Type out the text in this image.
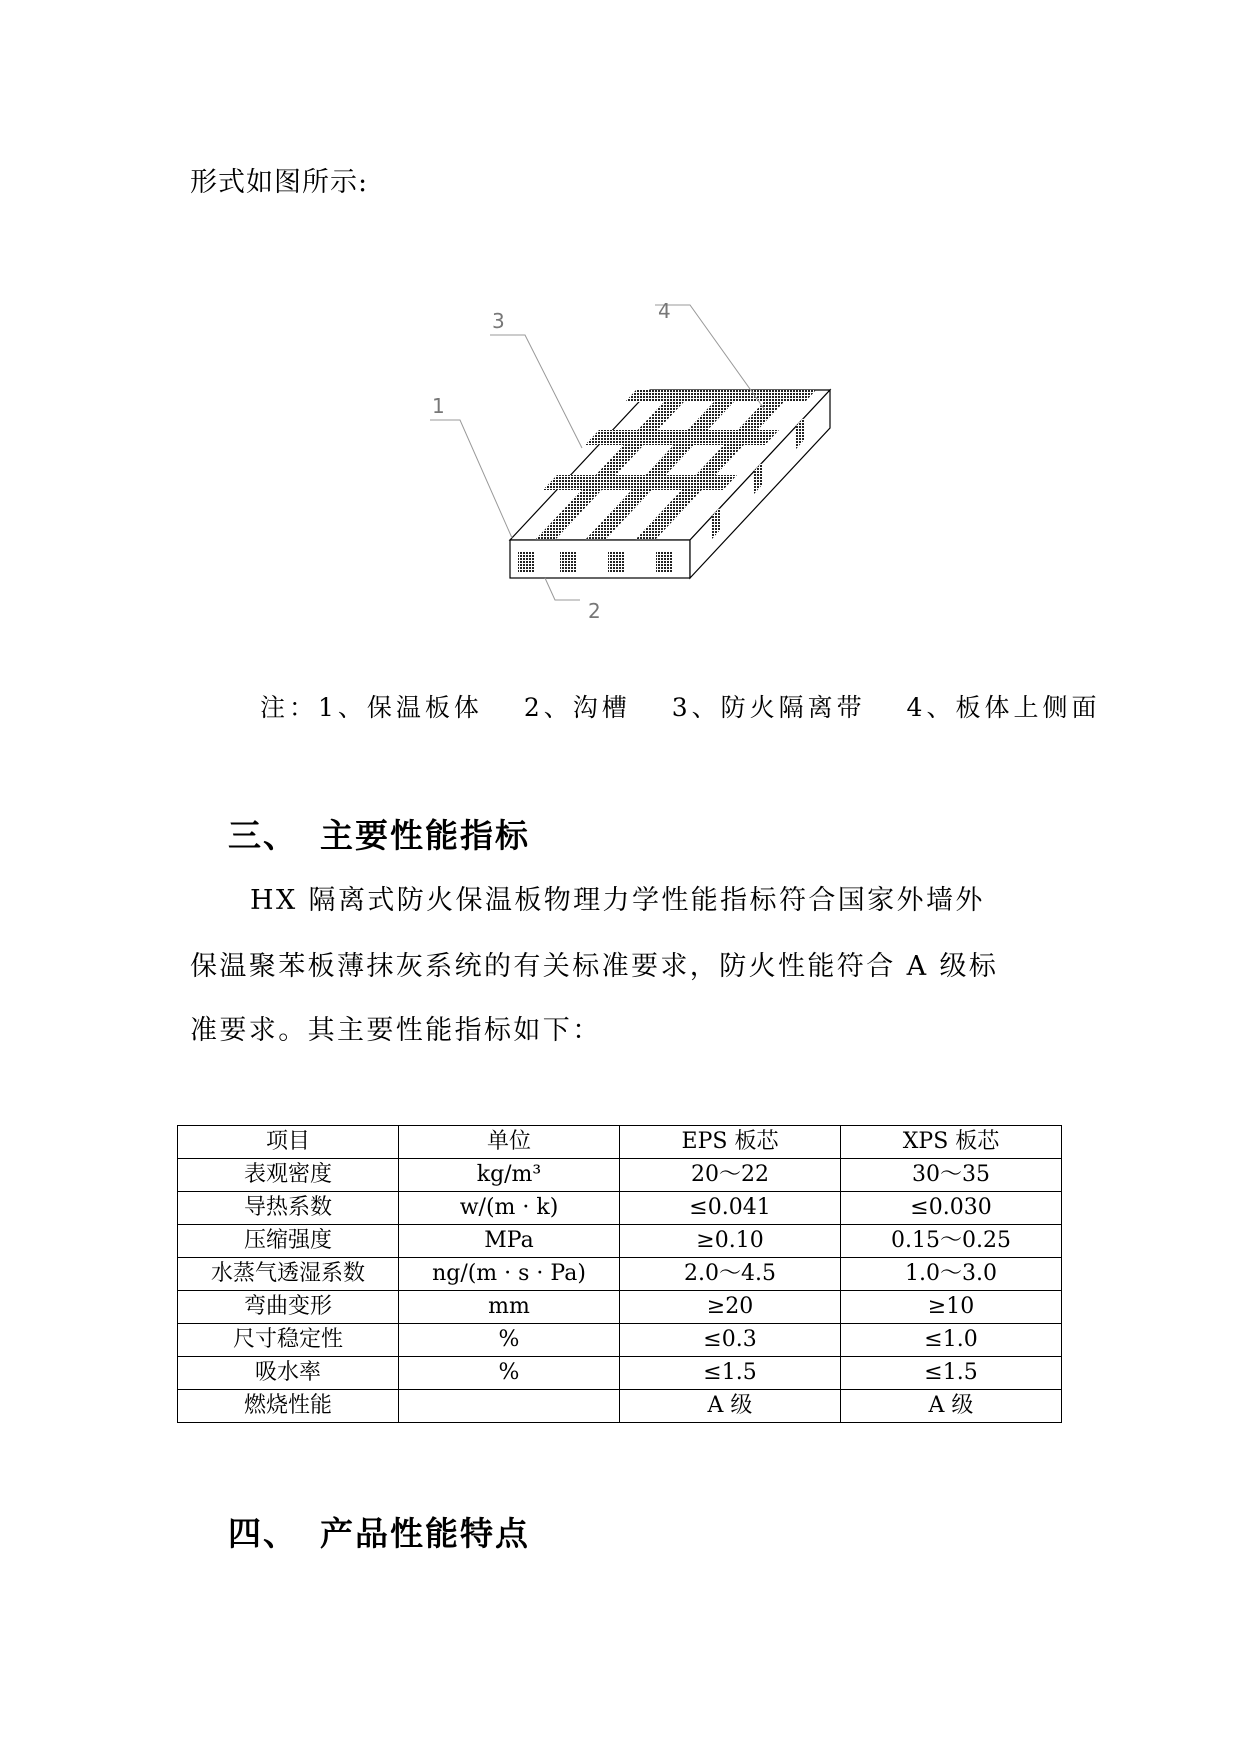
形式如图所示:
1
2
3	4
注：1、保温板体　 2、沟槽　 3、防火隔离带　 4、板体上侧面
三、 主要性能指标
HX 隔离式防火保温板物理力学性能指标符合国家外墙外
保温聚苯板薄抹灰系统的有关标准要求，防火性能符合 A 级标
准要求。其主要性能指标如下：
项目	单位	EPS 板芯	XPS 板芯
表观密度	kg/m³	20～22	30～35
导热系数	w/(m · k)	≤0.041	≤0.030
压缩强度	MPa	≥0.10	0.15～0.25
水蒸气透湿系数	ng/(m · s · Pa)	2.0～4.5	1.0～3.0
弯曲变形	mm	≥20	≥10
尺寸稳定性	%	≤0.3	≤1.0
吸水率	%	≤1.5	≤1.5
燃烧性能		A 级	A 级
四、 产品性能特点
